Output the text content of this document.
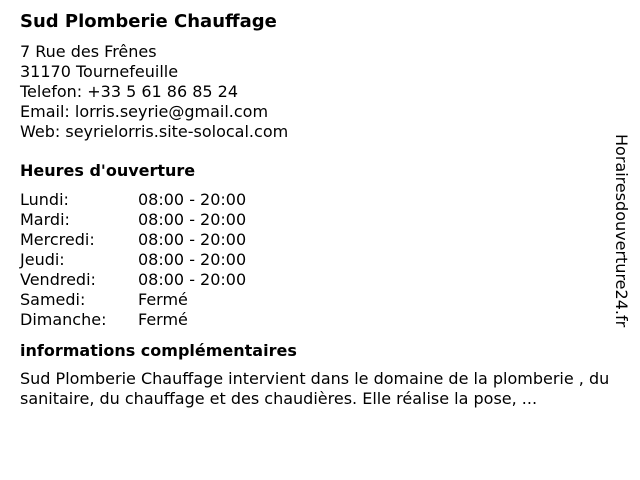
Sud Plomberie Chauffage
7 Rue des Frênes
31170 Tournefeuille
Telefon: +33 5 61 86 85 24
Email: lorris.seyrie@gmail.com
Web: seyrielorris.site-solocal.com
Heures d'ouverture
Lundi:	08:00 - 20:00
Mardi:	08:00 - 20:00
Mercredi:	08:00 - 20:00
Jeudi:	08:00 - 20:00
Vendredi:	08:00 - 20:00
Samedi:	Fermé
Dimanche:	Fermé
informations complémentaires
Sud Plomberie Chauffage intervient dans le domaine de la plomberie , du sanitaire, du chauffage et des chaudières. Elle réalise la pose, ...
Horairesdouverture24.fr
